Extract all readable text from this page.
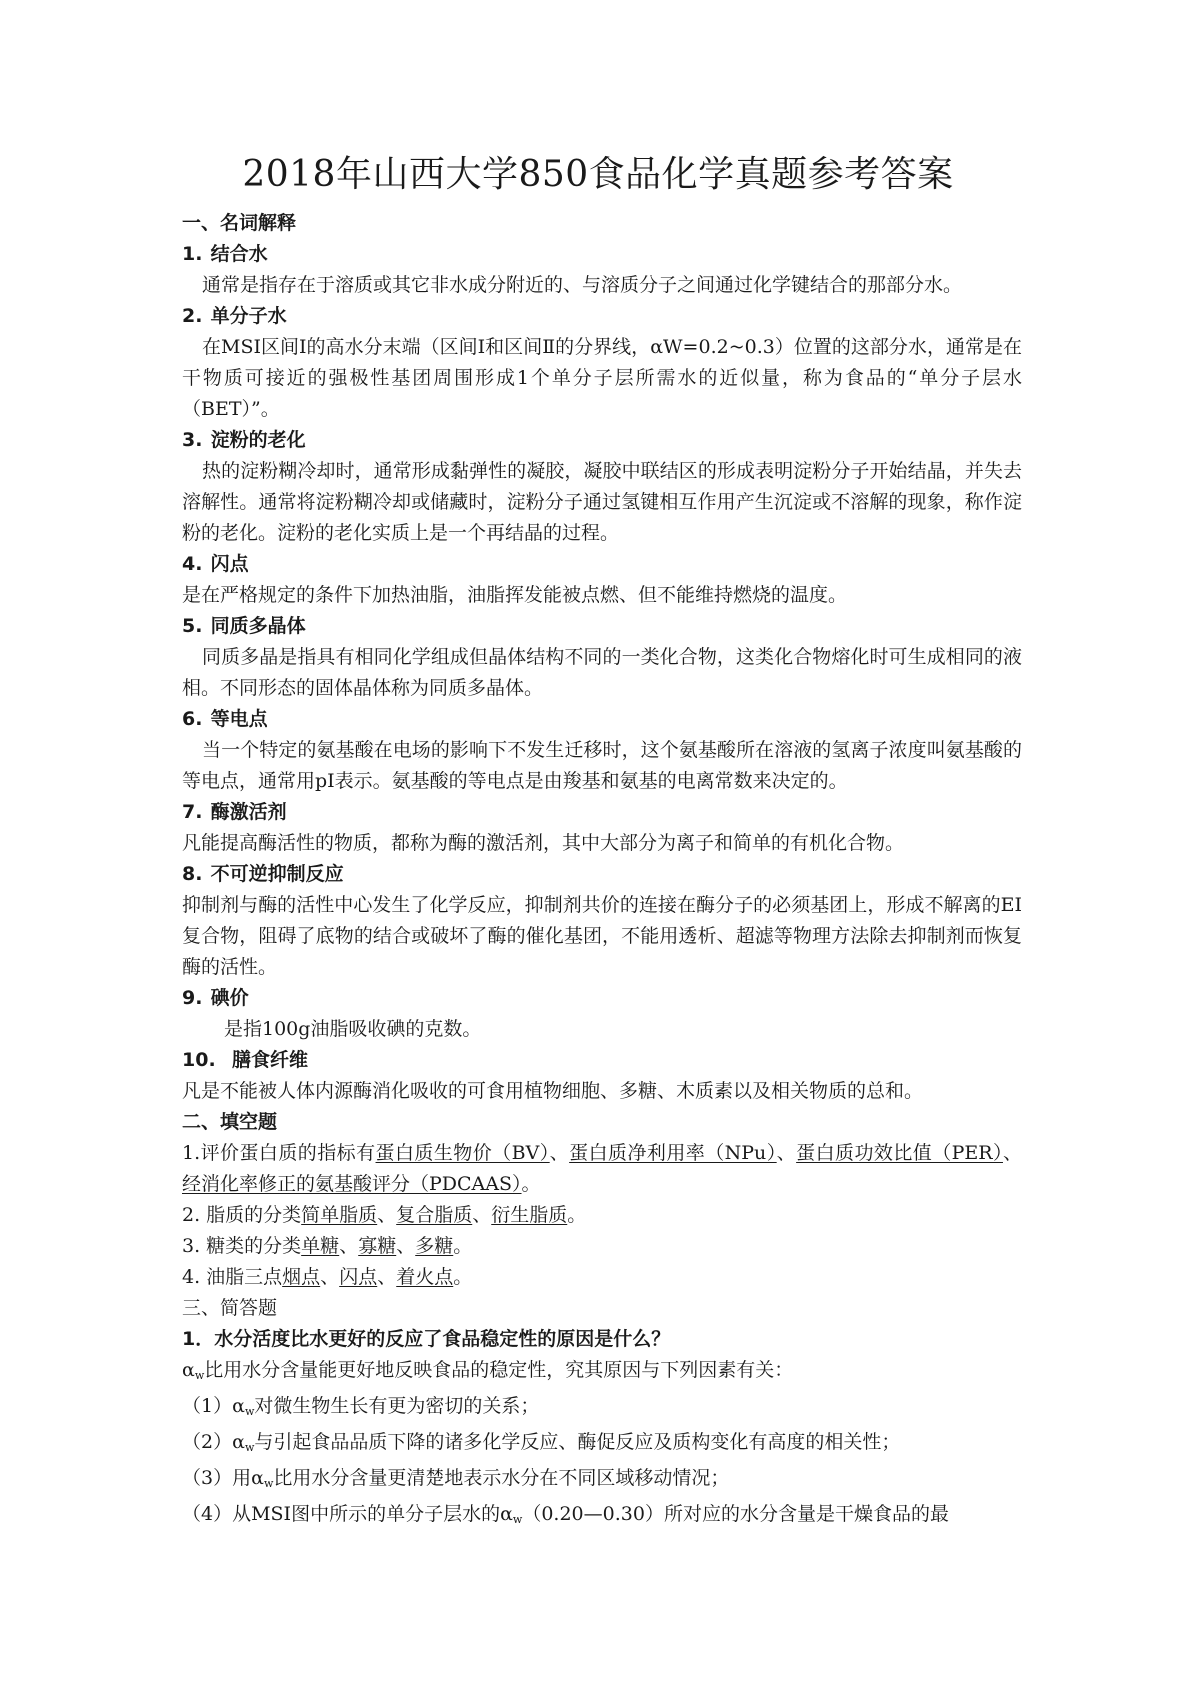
2018年山西大学850食品化学真题参考答案

一、名词解释

1. 结合水

通常是指存在于溶质或其它非水成分附近的、与溶质分子之间通过化学键结合的那部分水。

2. 单分子水

在MSI区间Ⅰ的高水分末端（区间Ⅰ和区间Ⅱ的分界线，αW=0.2~0.3）位置的这部分水，通常是在干物质可接近的强极性基团周围形成1个单分子层所需水的近似量，称为食品的“单分子层水（BET）”。

3. 淀粉的老化

热的淀粉糊冷却时，通常形成黏弹性的凝胶，凝胶中联结区的形成表明淀粉分子开始结晶，并失去溶解性。通常将淀粉糊冷却或储藏时，淀粉分子通过氢键相互作用产生沉淀或不溶解的现象，称作淀粉的老化。淀粉的老化实质上是一个再结晶的过程。

4. 闪点

是在严格规定的条件下加热油脂，油脂挥发能被点燃、但不能维持燃烧的温度。

5. 同质多晶体

同质多晶是指具有相同化学组成但晶体结构不同的一类化合物，这类化合物熔化时可生成相同的液相。不同形态的固体晶体称为同质多晶体。

6. 等电点

当一个特定的氨基酸在电场的影响下不发生迁移时，这个氨基酸所在溶液的氢离子浓度叫氨基酸的等电点，通常用pI表示。氨基酸的等电点是由羧基和氨基的电离常数来决定的。

7. 酶激活剂

凡能提高酶活性的物质，都称为酶的激活剂，其中大部分为离子和简单的有机化合物。

8. 不可逆抑制反应

抑制剂与酶的活性中心发生了化学反应，抑制剂共价的连接在酶分子的必须基团上，形成不解离的EI复合物，阻碍了底物的结合或破坏了酶的催化基团，不能用透析、超滤等物理方法除去抑制剂而恢复酶的活性。

9. 碘价

是指100g油脂吸收碘的克数。

10. 膳食纤维

凡是不能被人体内源酶消化吸收的可食用植物细胞、多糖、木质素以及相关物质的总和。

二、填空题

1.评价蛋白质的指标有蛋白质生物价（BV）、蛋白质净利用率（NPu）、蛋白质功效比值（PER）、经消化率修正的氨基酸评分（PDCAAS）。

2. 脂质的分类简单脂质、复合脂质、衍生脂质。

3. 糖类的分类单糖、寡糖、多糖。

4. 油脂三点烟点、闪点、着火点。

三、简答题

1．水分活度比水更好的反应了食品稳定性的原因是什么？

$\alpha_w$比用水分含量能更好地反映食品的稳定性，究其原因与下列因素有关：

$(1)\alpha_w$对微生物生长有更为密切的关系；

$(2)\alpha_w$与引起食品品质下降的诸多化学反应、酶促反应及质构变化有高度的相关性；

（3）用$\alpha_w$比用水分含量更清楚地表示水分在不同区域移动情况；

（4）从MSI图中所示的单分子层水的$\alpha_w(0.20—0.30)$所对应的水分含量是干燥食品的最
